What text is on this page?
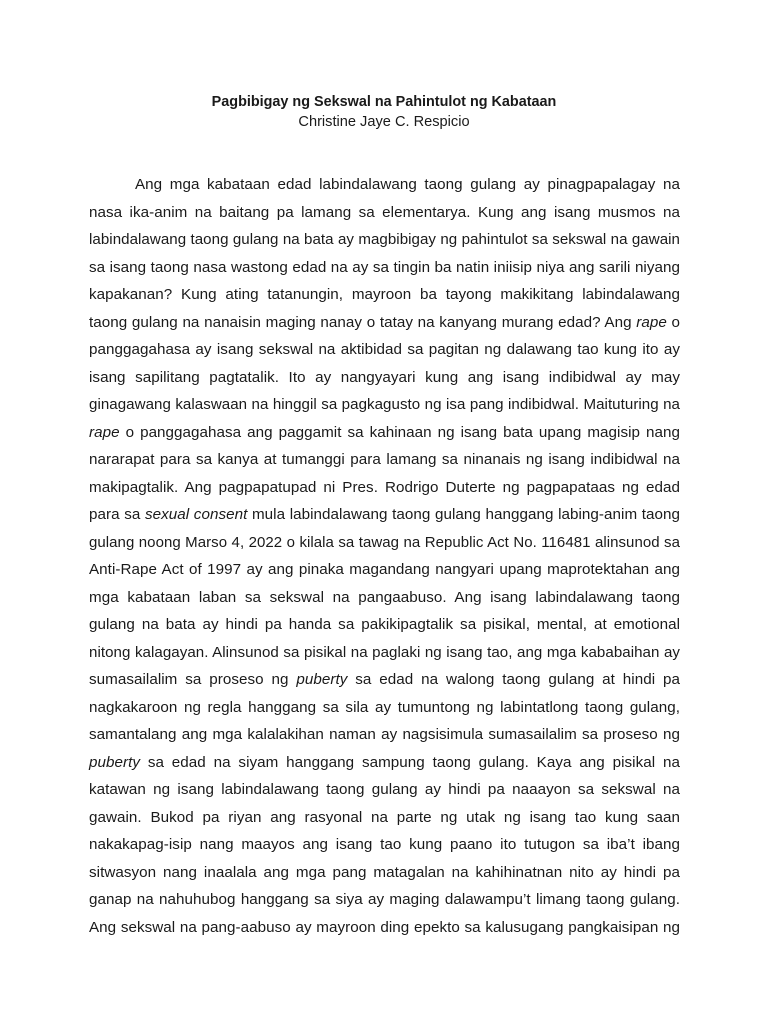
Pagbibigay ng Sekswal na Pahintulot ng Kabataan

Christine Jaye C. Respicio

Ang mga kabataan edad labindalawang taong gulang ay pinagpapalagay na
nasa ika-anim na baitang pa lamang sa elementarya. Kung ang isang musmos na
labindalawang taong gulang na bata ay magbibigay ng pahintulot sa sekswal na gawain
sa isang taong nasa wastong edad na ay sa tingin ba natin iniisip niya ang sarili niyang
kapakanan? Kung ating tatanungin, mayroon ba tayong makikitang labindalawang
taong gulang na nanaisin maging nanay o tatay na kanyang murang edad? Ang rape o
panggagahasa ay isang sekswal na aktibidad sa pagitan ng dalawang tao kung ito ay
isang sapilitang pagtatalik. Ito ay nangyayari kung ang isang indibidwal ay may
ginagawang kalaswaan na hinggil sa pagkagusto ng isa pang indibidwal. Maituturing na
rape o panggagahasa ang paggamit sa kahinaan ng isang bata upang magisip nang
nararapat para sa kanya at tumanggi para lamang sa ninanais ng isang indibidwal na
makipagtalik. Ang pagpapatupad ni Pres. Rodrigo Duterte ng pagpapataas ng edad
para sa sexual consent mula labindalawang taong gulang hanggang labing-anim taong
gulang noong Marso 4, 2022 o kilala sa tawag na Republic Act No. 116481 alinsunod sa
Anti-Rape Act of 1997 ay ang pinaka magandang nangyari upang maprotektahan ang
mga kabataan laban sa sekswal na pangaabuso. Ang isang labindalawang taong
gulang na bata ay hindi pa handa sa pakikipagtalik sa pisikal, mental, at emotional
nitong kalagayan. Alinsunod sa pisikal na paglaki ng isang tao, ang mga kababaihan ay
sumasailalim sa proseso ng puberty sa edad na walong taong gulang at hindi pa
nagkakaroon ng regla hanggang sa sila ay tumuntong ng labintatlong taong gulang,
samantalang ang mga kalalakihan naman ay nagsisimula sumasailalim sa proseso ng
puberty sa edad na siyam hanggang sampung taong gulang. Kaya ang pisikal na
katawan ng isang labindalawang taong gulang ay hindi pa naaayon sa sekswal na
gawain. Bukod pa riyan ang rasyonal na parte ng utak ng isang tao kung saan
nakakapag-isip nang maayos ang isang tao kung paano ito tutugon sa iba’t ibang
sitwasyon nang inaalala ang mga pang matagalan na kahihinatnan nito ay hindi pa
ganap na nahuhubog hanggang sa siya ay maging dalawampu’t limang taong gulang.
Ang sekswal na pang-aabuso ay mayroon ding epekto sa kalusugang pangkaisipan ng
